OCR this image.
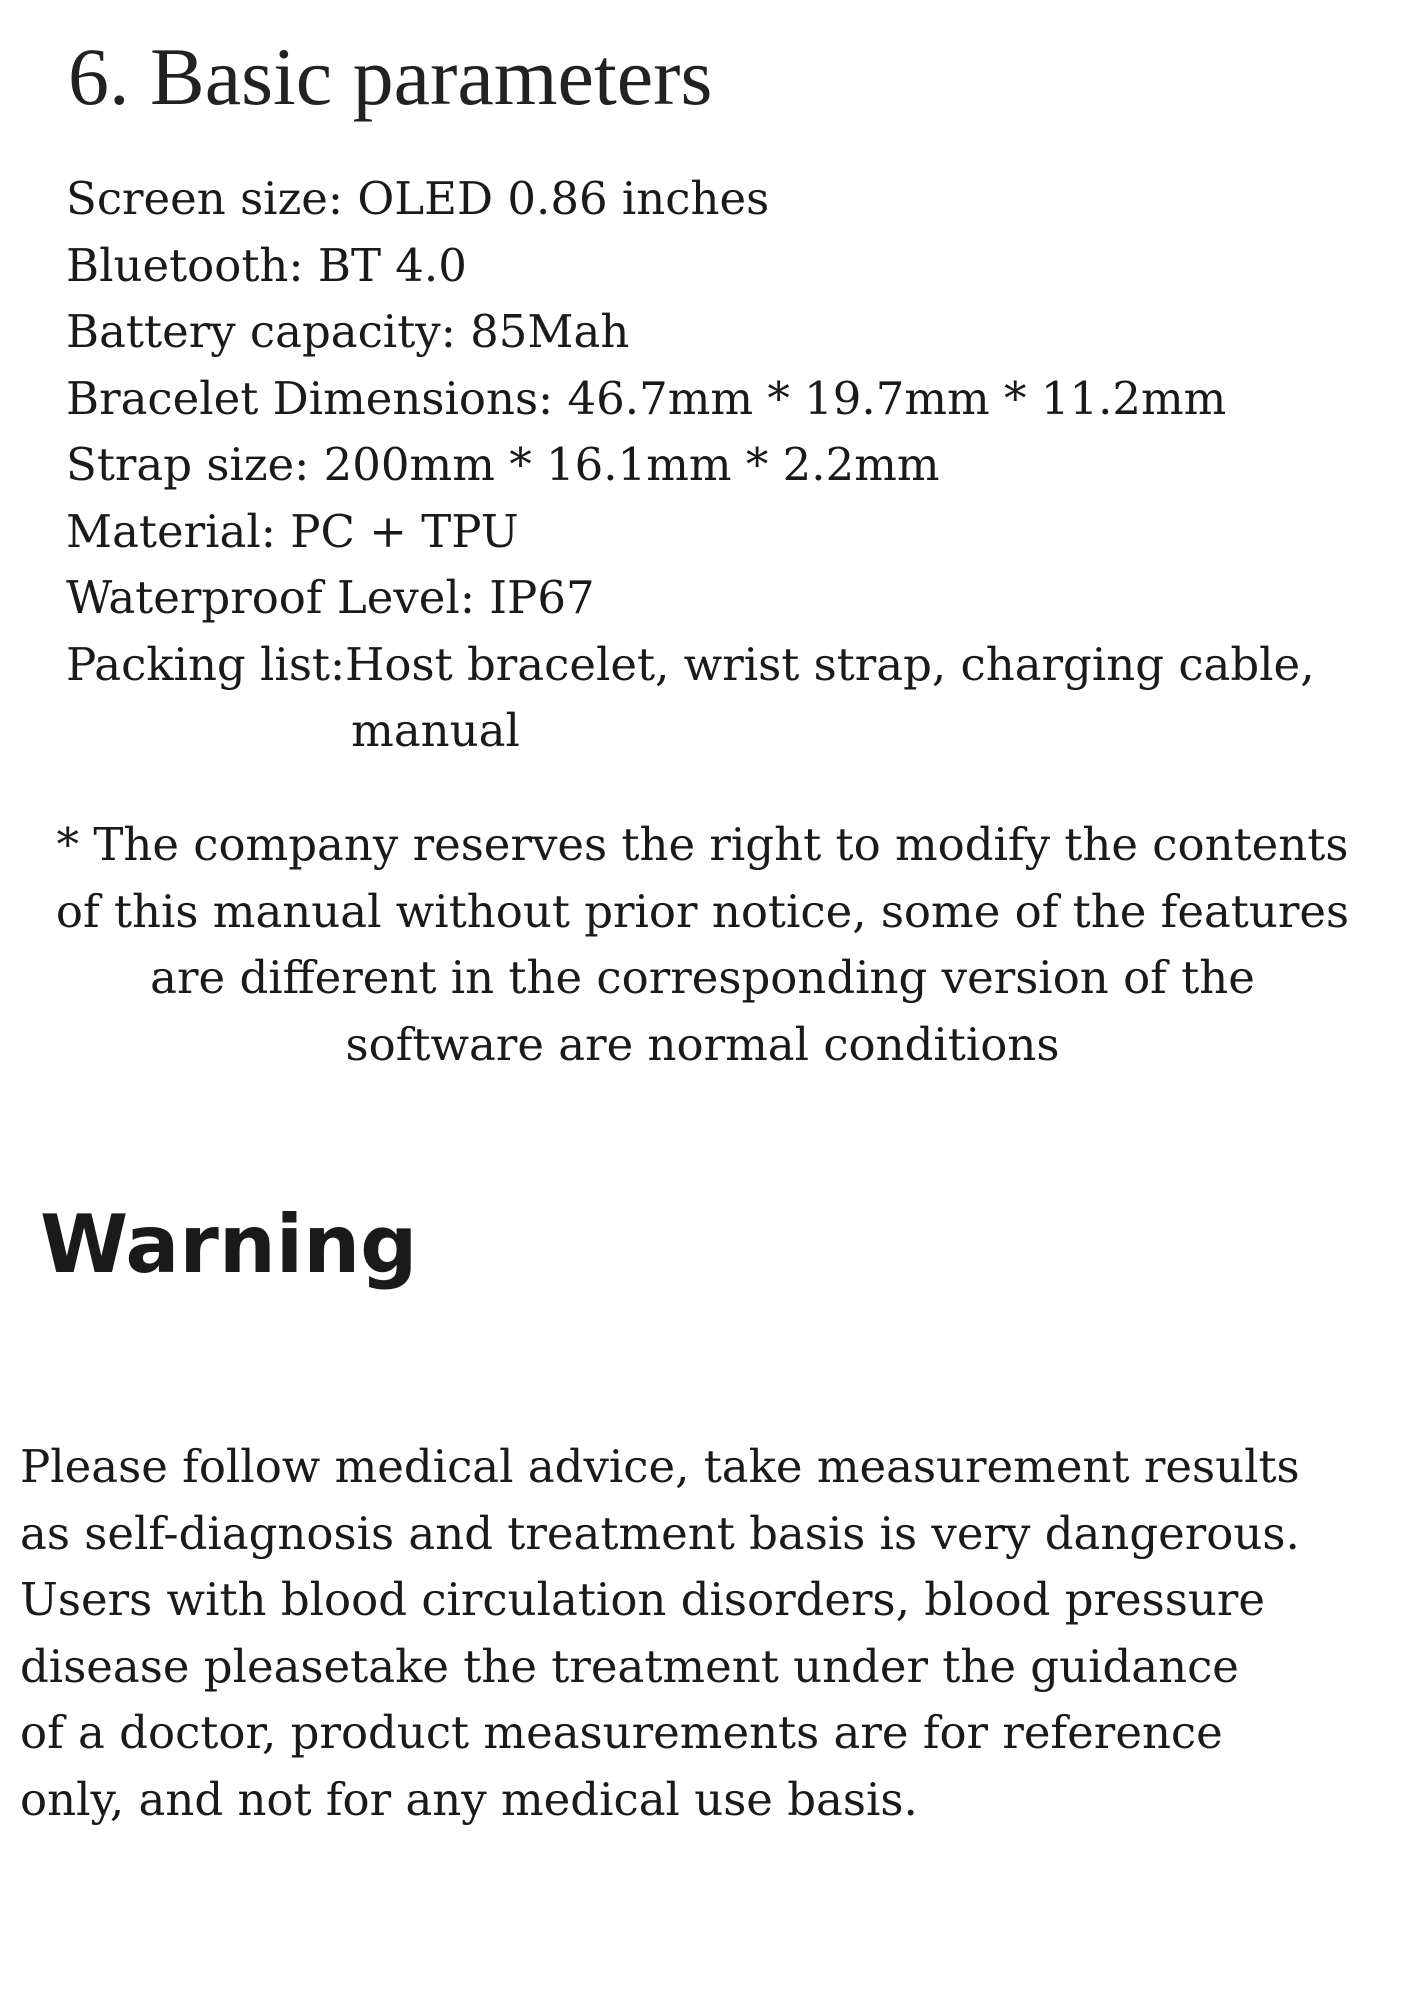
6. Basic parameters
Screen size: OLED 0.86 inches
Bluetooth: BT 4.0
Battery capacity: 85Mah
Bracelet Dimensions: 46.7mm * 19.7mm * 11.2mm
Strap size: 200mm * 16.1mm * 2.2mm
Material: PC + TPU
Waterproof Level: IP67
Packing list: Host bracelet, wrist strap, charging cable,
manual

* The company reserves the right to modify the contents
of this manual without prior notice, some of the features
are different in the corresponding version of the
software are normal conditions

Warning

Please follow medical advice, take measurement results
as self-diagnosis and treatment basis is very dangerous.
Users with blood circulation disorders, blood pressure
disease pleasetake the treatment under the guidance
of a doctor, product measurements are for reference
only, and not for any medical use basis.
